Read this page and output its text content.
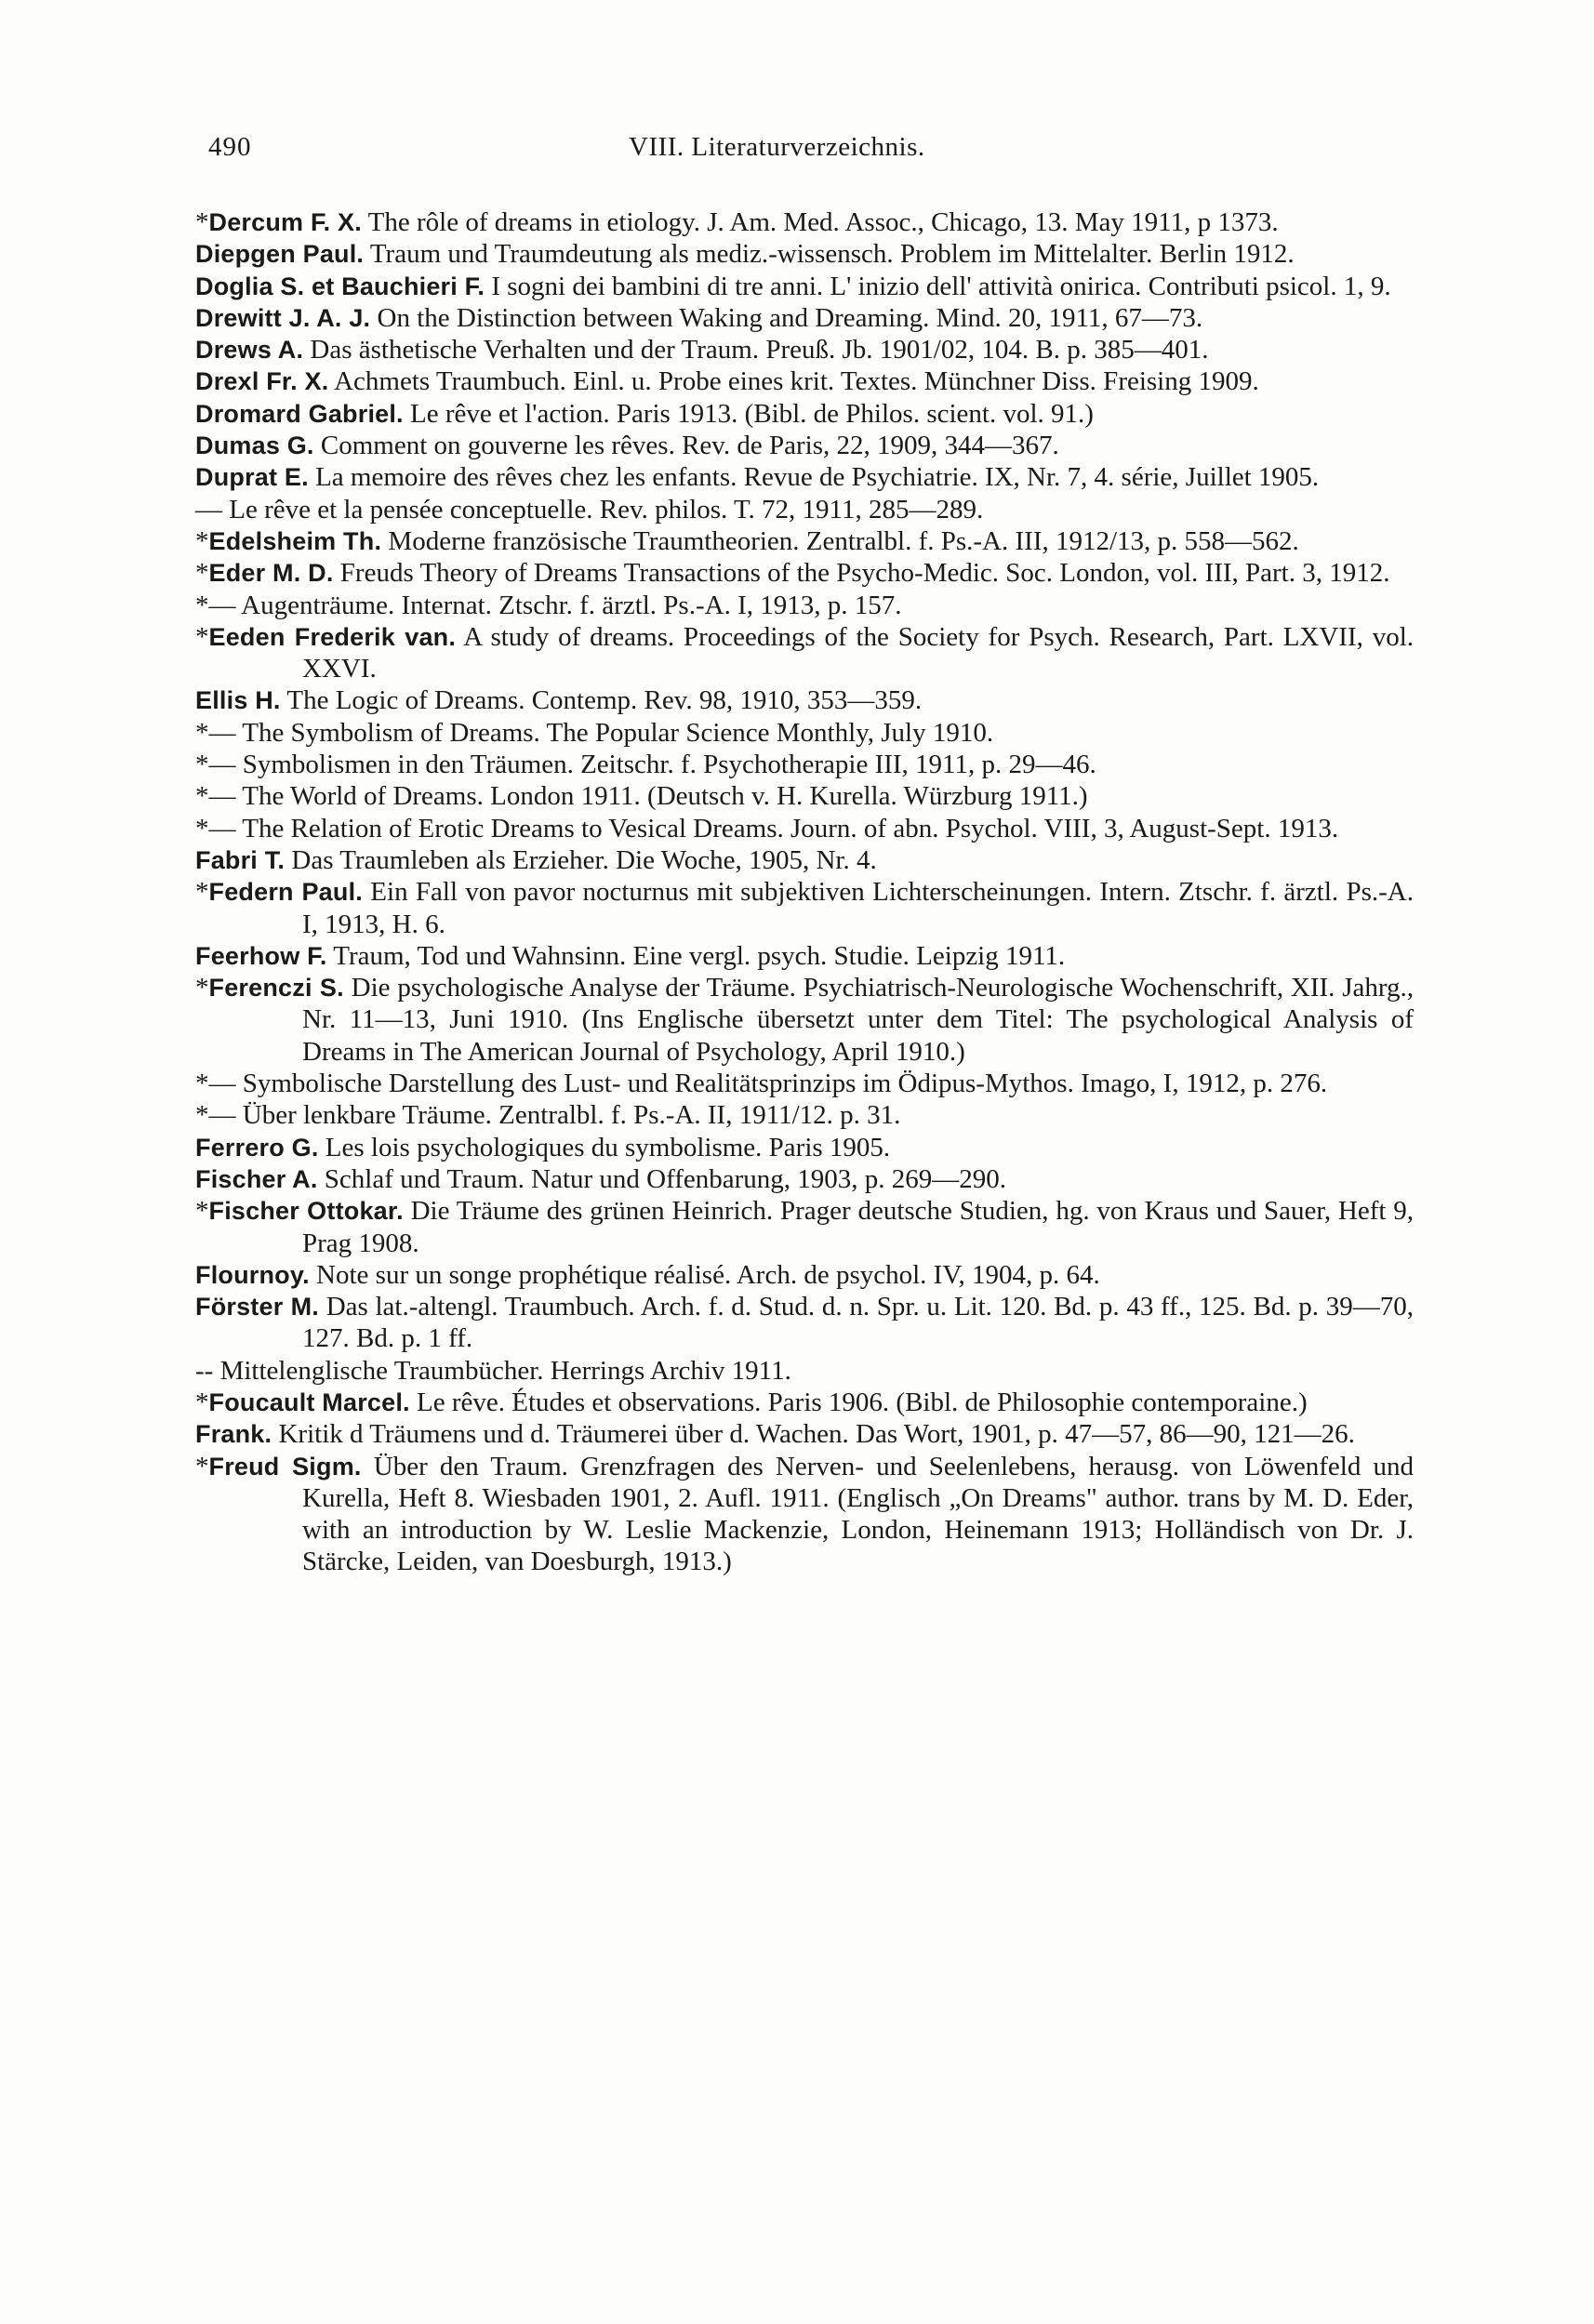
490	VIII. Literaturverzeichnis.

*Dercum F. X. The rôle of dreams in etiology. J. Am. Med. Assoc., Chicago, 13. May 1911, p 1373.

Diepgen Paul. Traum und Traumdeutung als mediz.-wissensch. Problem im Mittelalter. Berlin 1912.

Doglia S. et Bauchieri F. I sogni dei bambini di tre anni. L' inizio dell' attività onirica. Contributi psicol. 1, 9.

Drewitt J. A. J. On the Distinction between Waking and Dreaming. Mind. 20, 1911, 67—73.

Drews A. Das ästhetische Verhalten und der Traum. Preuß. Jb. 1901/02, 104. B. p. 385—401.

Drexl Fr. X. Achmets Traumbuch. Einl. u. Probe eines krit. Textes. Münchner Diss. Freising 1909.

Dromard Gabriel. Le rêve et l'action. Paris 1913. (Bibl. de Philos. scient. vol. 91.)

Dumas G. Comment on gouverne les rêves. Rev. de Paris, 22, 1909, 344—367.

Duprat E. La memoire des rêves chez les enfants. Revue de Psychiatrie. IX, Nr. 7, 4. série, Juillet 1905.

— Le rêve et la pensée conceptuelle. Rev. philos. T. 72, 1911, 285—289.

*Edelsheim Th. Moderne französische Traumtheorien. Zentralbl. f. Ps.-A. III, 1912/13, p. 558—562.

*Eder M. D. Freuds Theory of Dreams Transactions of the Psycho-Medic. Soc. London, vol. III, Part. 3, 1912.

*— Augenträume. Internat. Ztschr. f. ärztl. Ps.-A. I, 1913, p. 157.

*Eeden Frederik van. A study of dreams. Proceedings of the Society for Psych. Research, Part. LXVII, vol. XXVI.

Ellis H. The Logic of Dreams. Contemp. Rev. 98, 1910, 353—359.

*— The Symbolism of Dreams. The Popular Science Monthly, July 1910.

*— Symbolismen in den Träumen. Zeitschr. f. Psychotherapie III, 1911, p. 29—46.

*— The World of Dreams. London 1911. (Deutsch v. H. Kurella. Würzburg 1911.)

*— The Relation of Erotic Dreams to Vesical Dreams. Journ. of abn. Psychol. VIII, 3, August-Sept. 1913.

Fabri T. Das Traumleben als Erzieher. Die Woche, 1905, Nr. 4.

*Federn Paul. Ein Fall von pavor nocturnus mit subjektiven Lichterscheinungen. Intern. Ztschr. f. ärztl. Ps.-A. I, 1913, H. 6.

Feerhow F. Traum, Tod und Wahnsinn. Eine vergl. psych. Studie. Leipzig 1911.

*Ferenczi S. Die psychologische Analyse der Träume. Psychiatrisch-Neurologische Wochenschrift, XII. Jahrg., Nr. 11—13, Juni 1910. (Ins Englische übersetzt unter dem Titel: The psychological Analysis of Dreams in The American Journal of Psychology, April 1910.)

*— Symbolische Darstellung des Lust- und Realitätsprinzips im Ödipus-Mythos. Imago, I, 1912, p. 276.

*— Über lenkbare Träume. Zentralbl. f. Ps.-A. II, 1911/12. p. 31.

Ferrero G. Les lois psychologiques du symbolisme. Paris 1905.

Fischer A. Schlaf und Traum. Natur und Offenbarung, 1903, p. 269—290.

*Fischer Ottokar. Die Träume des grünen Heinrich. Prager deutsche Studien, hg. von Kraus und Sauer, Heft 9, Prag 1908.

Flournoy. Note sur un songe prophétique réalisé. Arch. de psychol. IV, 1904, p. 64.

Förster M. Das lat.-altengl. Traumbuch. Arch. f. d. Stud. d. n. Spr. u. Lit. 120. Bd. p. 43 ff., 125. Bd. p. 39—70, 127. Bd. p. 1 ff.

-- Mittelenglische Traumbücher. Herrings Archiv 1911.

*Foucault Marcel. Le rêve. Études et observations. Paris 1906. (Bibl. de Philosophie contemporaine.)

Frank. Kritik d Träumens und d. Träumerei über d. Wachen. Das Wort, 1901, p. 47—57, 86—90, 121—26.

*Freud Sigm. Über den Traum. Grenzfragen des Nerven- und Seelenlebens, herausg. von Löwenfeld und Kurella, Heft 8. Wiesbaden 1901, 2. Aufl. 1911. (Englisch „On Dreams" author. trans by M. D. Eder, with an introduction by W. Leslie Mackenzie, London, Heinemann 1913; Holländisch von Dr. J. Stärcke, Leiden, van Doesburgh, 1913.)
